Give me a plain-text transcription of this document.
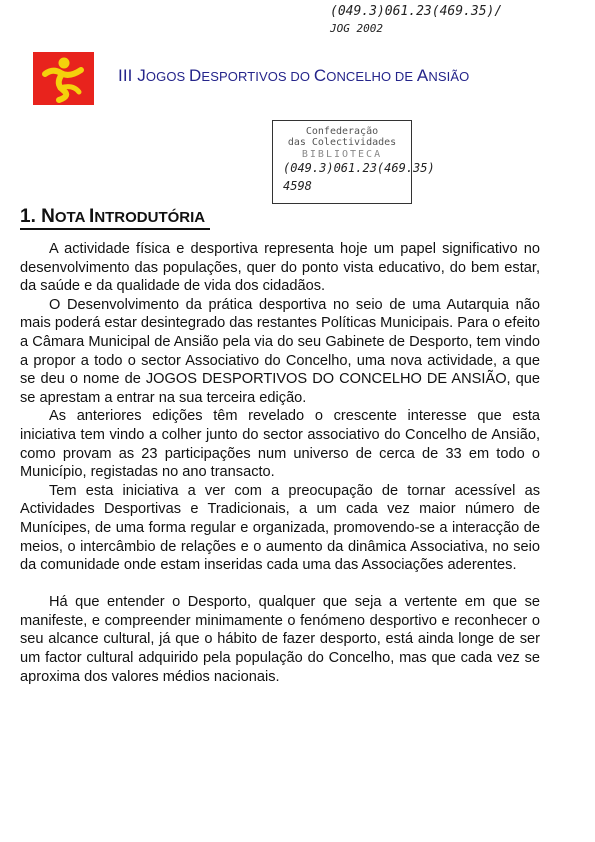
(049.3)061.23(469.35)/
JOG 2002
III JOGOS DESPORTIVOS DO CONCELHO DE ANSIÃO
Confederação
das Colectividades
BIBLIOTECA
(049.3)061.23(469.35)
4598
1. NOTA INTRODUTÓRIA

A actividade física e desportiva representa hoje um papel significativo no desenvolvimento das populações, quer do ponto vista educativo, do bem estar, da saúde e da qualidade de vida dos cidadãos.

O Desenvolvimento da prática desportiva no seio de uma Autarquia não mais poderá estar desintegrado das restantes Políticas Municipais. Para o efeito a Câmara Municipal de Ansião pela via do seu Gabinete de Desporto, tem vindo a propor a todo o sector Associativo do Concelho, uma nova actividade, a que se deu o nome de JOGOS DESPORTIVOS DO CONCELHO DE ANSIÃO, que se aprestam a entrar na sua terceira edição.

As anteriores edições têm revelado o crescente interesse que esta iniciativa tem vindo a colher junto do sector associativo do Concelho de Ansião, como provam as 23 participações num universo de cerca de 33 em todo o Município, registadas no ano transacto.

Tem esta iniciativa a ver com a preocupação de tornar acessível as Actividades Desportivas e Tradicionais, a um cada vez maior número de Munícipes, de uma forma regular e organizada, promovendo-se a interacção de meios, o intercâmbio de relações e o aumento da dinâmica Associativa, no seio da comunidade onde estam inseridas cada uma das Associações aderentes.

Há que entender o Desporto, qualquer que seja a vertente em que se manifeste, e compreender minimamente o fenómeno desportivo e reconhecer o seu alcance cultural, já que o hábito de fazer desporto, está ainda longe de ser um factor cultural adquirido pela população do Concelho, mas que cada vez se aproxima dos valores médios nacionais.
